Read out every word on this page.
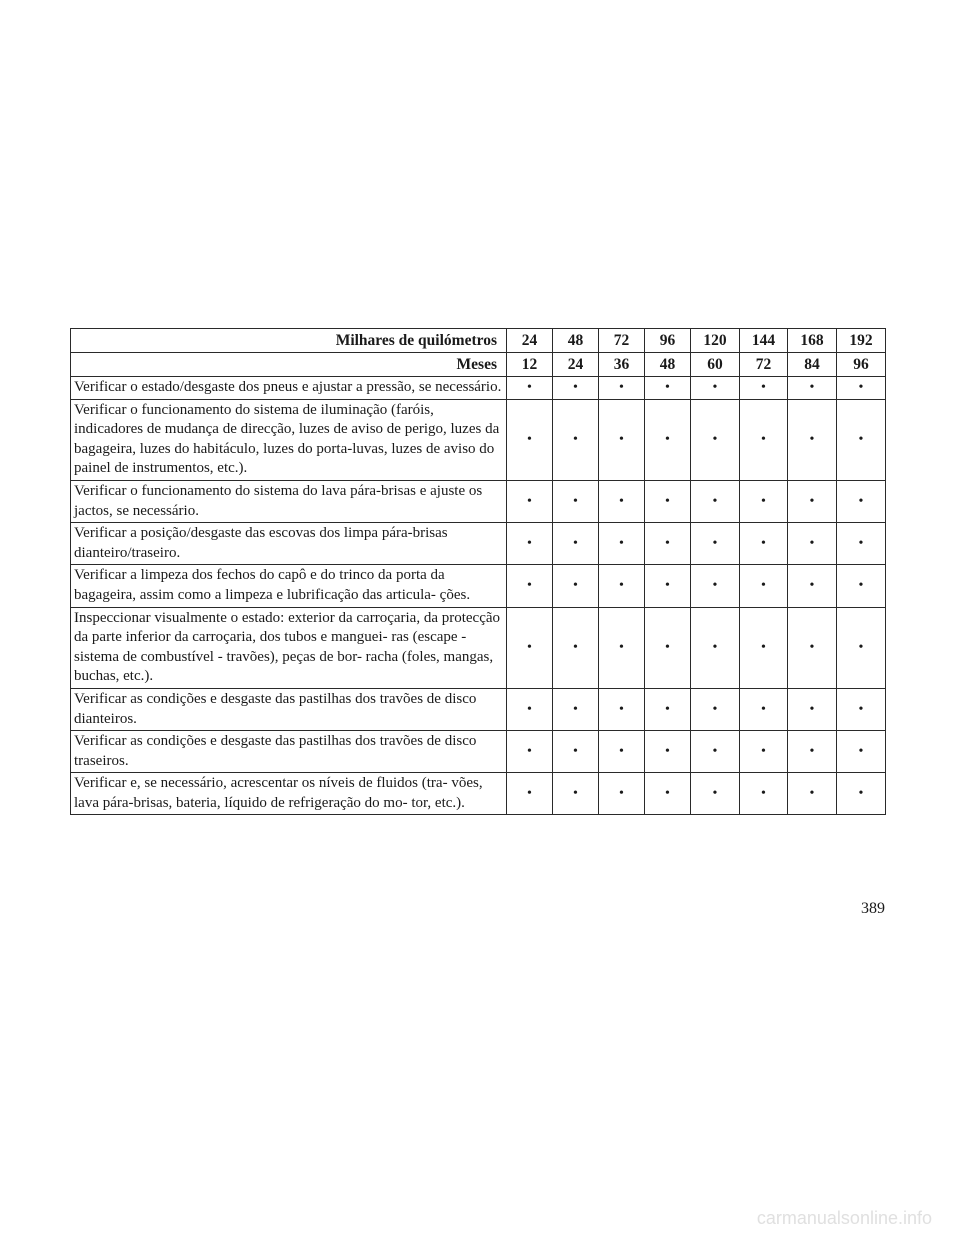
Milhares de quilómetros	24	48	72	96	120	144	168	192
Meses	12	24	36	48	60	72	84	96
Verificar o estado/desgaste dos pneus e ajustar a pressão, se necessário.	•	•	•	•	•	•	•	•
Verificar o funcionamento do sistema de iluminação (faróis, indicadores de mudança de direcção, luzes de aviso de perigo, luzes da bagageira, luzes do habitáculo, luzes do porta-luvas, luzes de aviso do painel de instrumentos, etc.).	•	•	•	•	•	•	•	•
Verificar o funcionamento do sistema do lava pára-brisas e ajuste os jactos, se necessário.	•	•	•	•	•	•	•	•
Verificar a posição/desgaste das escovas dos limpa pára-brisas dianteiro/traseiro.	•	•	•	•	•	•	•	•
Verificar a limpeza dos fechos do capô e do trinco da porta da bagageira, assim como a limpeza e lubrificação das articula- ções.	•	•	•	•	•	•	•	•
Inspeccionar visualmente o estado: exterior da carroçaria, da protecção da parte inferior da carroçaria, dos tubos e manguei- ras (escape - sistema de combustível - travões), peças de bor- racha (foles, mangas, buchas, etc.).	•	•	•	•	•	•	•	•
Verificar as condições e desgaste das pastilhas dos travões de disco dianteiros.	•	•	•	•	•	•	•	•
Verificar as condições e desgaste das pastilhas dos travões de disco traseiros.	•	•	•	•	•	•	•	•
Verificar e, se necessário, acrescentar os níveis de fluidos (tra- vões, lava pára-brisas, bateria, líquido de refrigeração do mo- tor, etc.).	•	•	•	•	•	•	•	•
389
carmanualsonline.info
